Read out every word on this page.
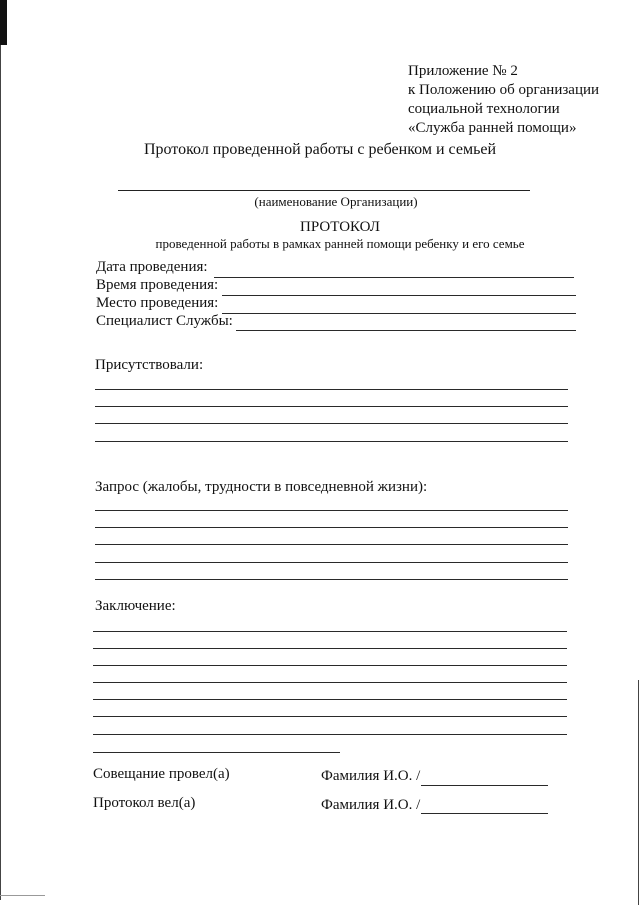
Приложение № 2
к Положению об организации
социальной технологии
«Служба ранней помощи»
Протокол проведенной работы с ребенком и семьей
(наименование Организации)
ПРОТОКОЛ
проведенной работы в рамках ранней помощи ребенку и его семье
Дата проведения:
Время проведения:
Место проведения:
Специалист Службы:
Присутствовали:
Запрос (жалобы, трудности в повседневной жизни):
Заключение:
Совещание провел(а)	Фамилия И.О. /
Протокол вел(а)	Фамилия И.О. /
